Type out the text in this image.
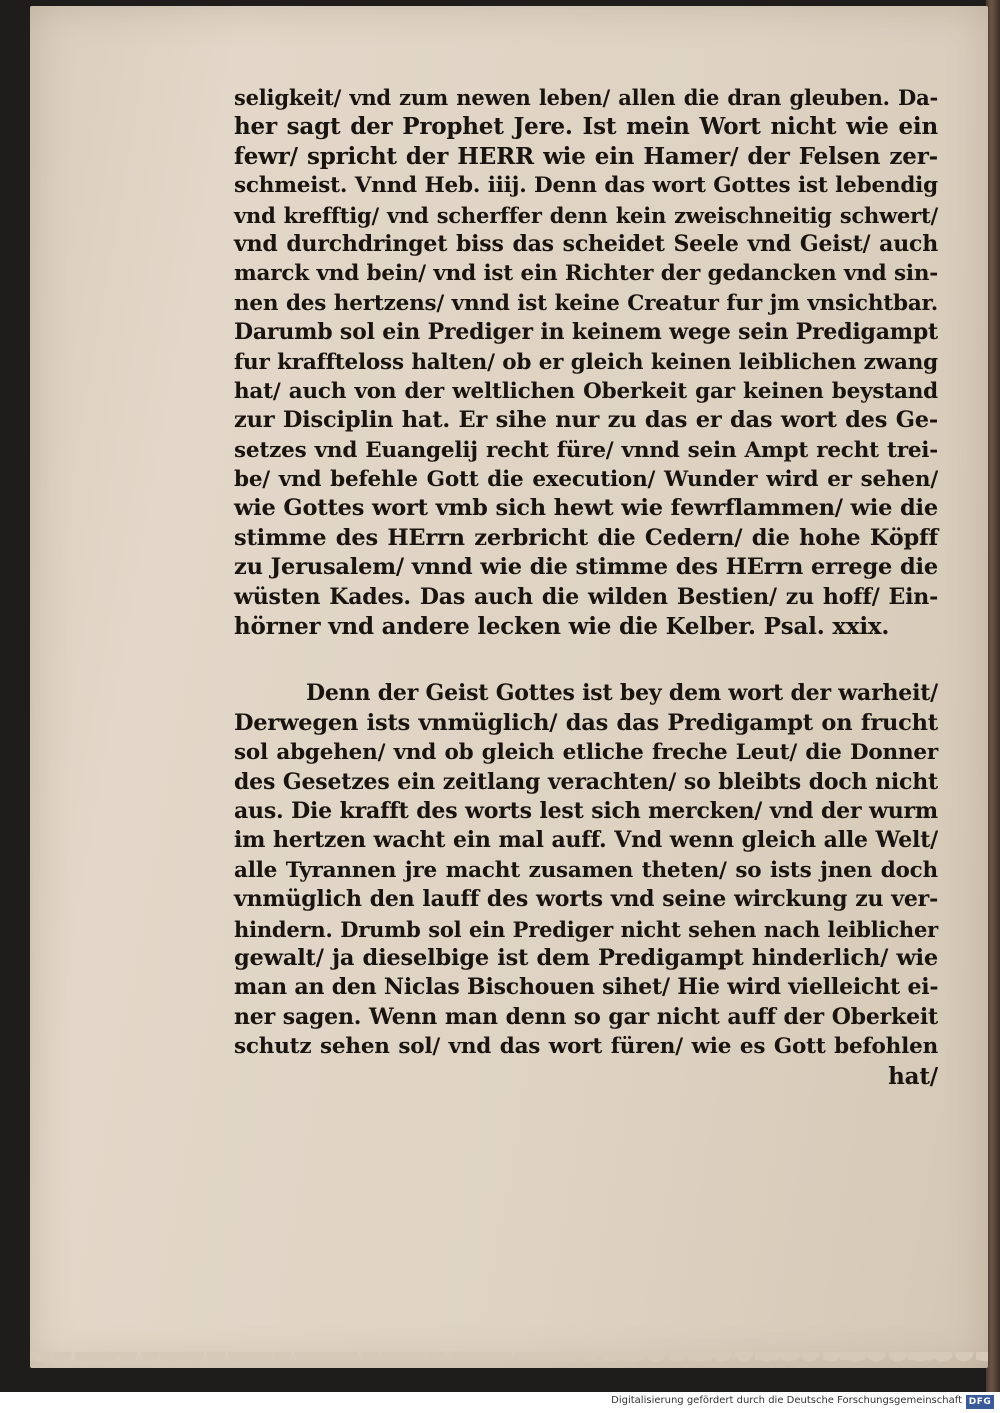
seligkeit/ vnd zum newen leben/ allen die dran gleuben. Da-
her sagt der Prophet Jere. Ist mein Wort nicht wie ein
fewr/ spricht der HERR wie ein Hamer/ der Felsen zer-
schmeist. Vnnd Heb. iiij. Denn das wort Gottes ist lebendig
vnd krefftig/ vnd scherffer denn kein zweischneitig schwert/
vnd durchdringet biss das scheidet Seele vnd Geist/ auch
marck vnd bein/ vnd ist ein Richter der gedancken vnd sin-
nen des hertzens/ vnnd ist keine Creatur fur jm vnsichtbar.
Darumb sol ein Prediger in keinem wege sein Predigampt
fur kraffteloss halten/ ob er gleich keinen leiblichen zwang
hat/ auch von der weltlichen Oberkeit gar keinen beystand
zur Disciplin hat. Er sihe nur zu das er das wort des Ge-
setzes vnd Euangelij recht füre/ vnnd sein Ampt recht trei-
be/ vnd befehle Gott die execution/ Wunder wird er sehen/
wie Gottes wort vmb sich hewt wie fewrflammen/ wie die
stimme des HErrn zerbricht die Cedern/ die hohe Köpff
zu Jerusalem/ vnnd wie die stimme des HErrn errege die
wüsten Kades. Das auch die wilden Bestien/ zu hoff/ Ein-
hörner vnd andere lecken wie die Kelber. Psal. xxix.
Denn der Geist Gottes ist bey dem wort der warheit/
Derwegen ists vnmüglich/ das das Predigampt on frucht
sol abgehen/ vnd ob gleich etliche freche Leut/ die Donner
des Gesetzes ein zeitlang verachten/ so bleibts doch nicht
aus. Die krafft des worts lest sich mercken/ vnd der wurm
im hertzen wacht ein mal auff. Vnd wenn gleich alle Welt/
alle Tyrannen jre macht zusamen theten/ so ists jnen doch
vnmüglich den lauff des worts vnd seine wirckung zu ver-
hindern. Drumb sol ein Prediger nicht sehen nach leiblicher
gewalt/ ja dieselbige ist dem Predigampt hinderlich/ wie
man an den Niclas Bischouen sihet/ Hie wird vielleicht ei-
ner sagen. Wenn man denn so gar nicht auff der Oberkeit
schutz sehen sol/ vnd das wort füren/ wie es Gott befohlen
hat/
Digitalisierung gefördert durch die Deutsche Forschungsgemeinschaft DFG
